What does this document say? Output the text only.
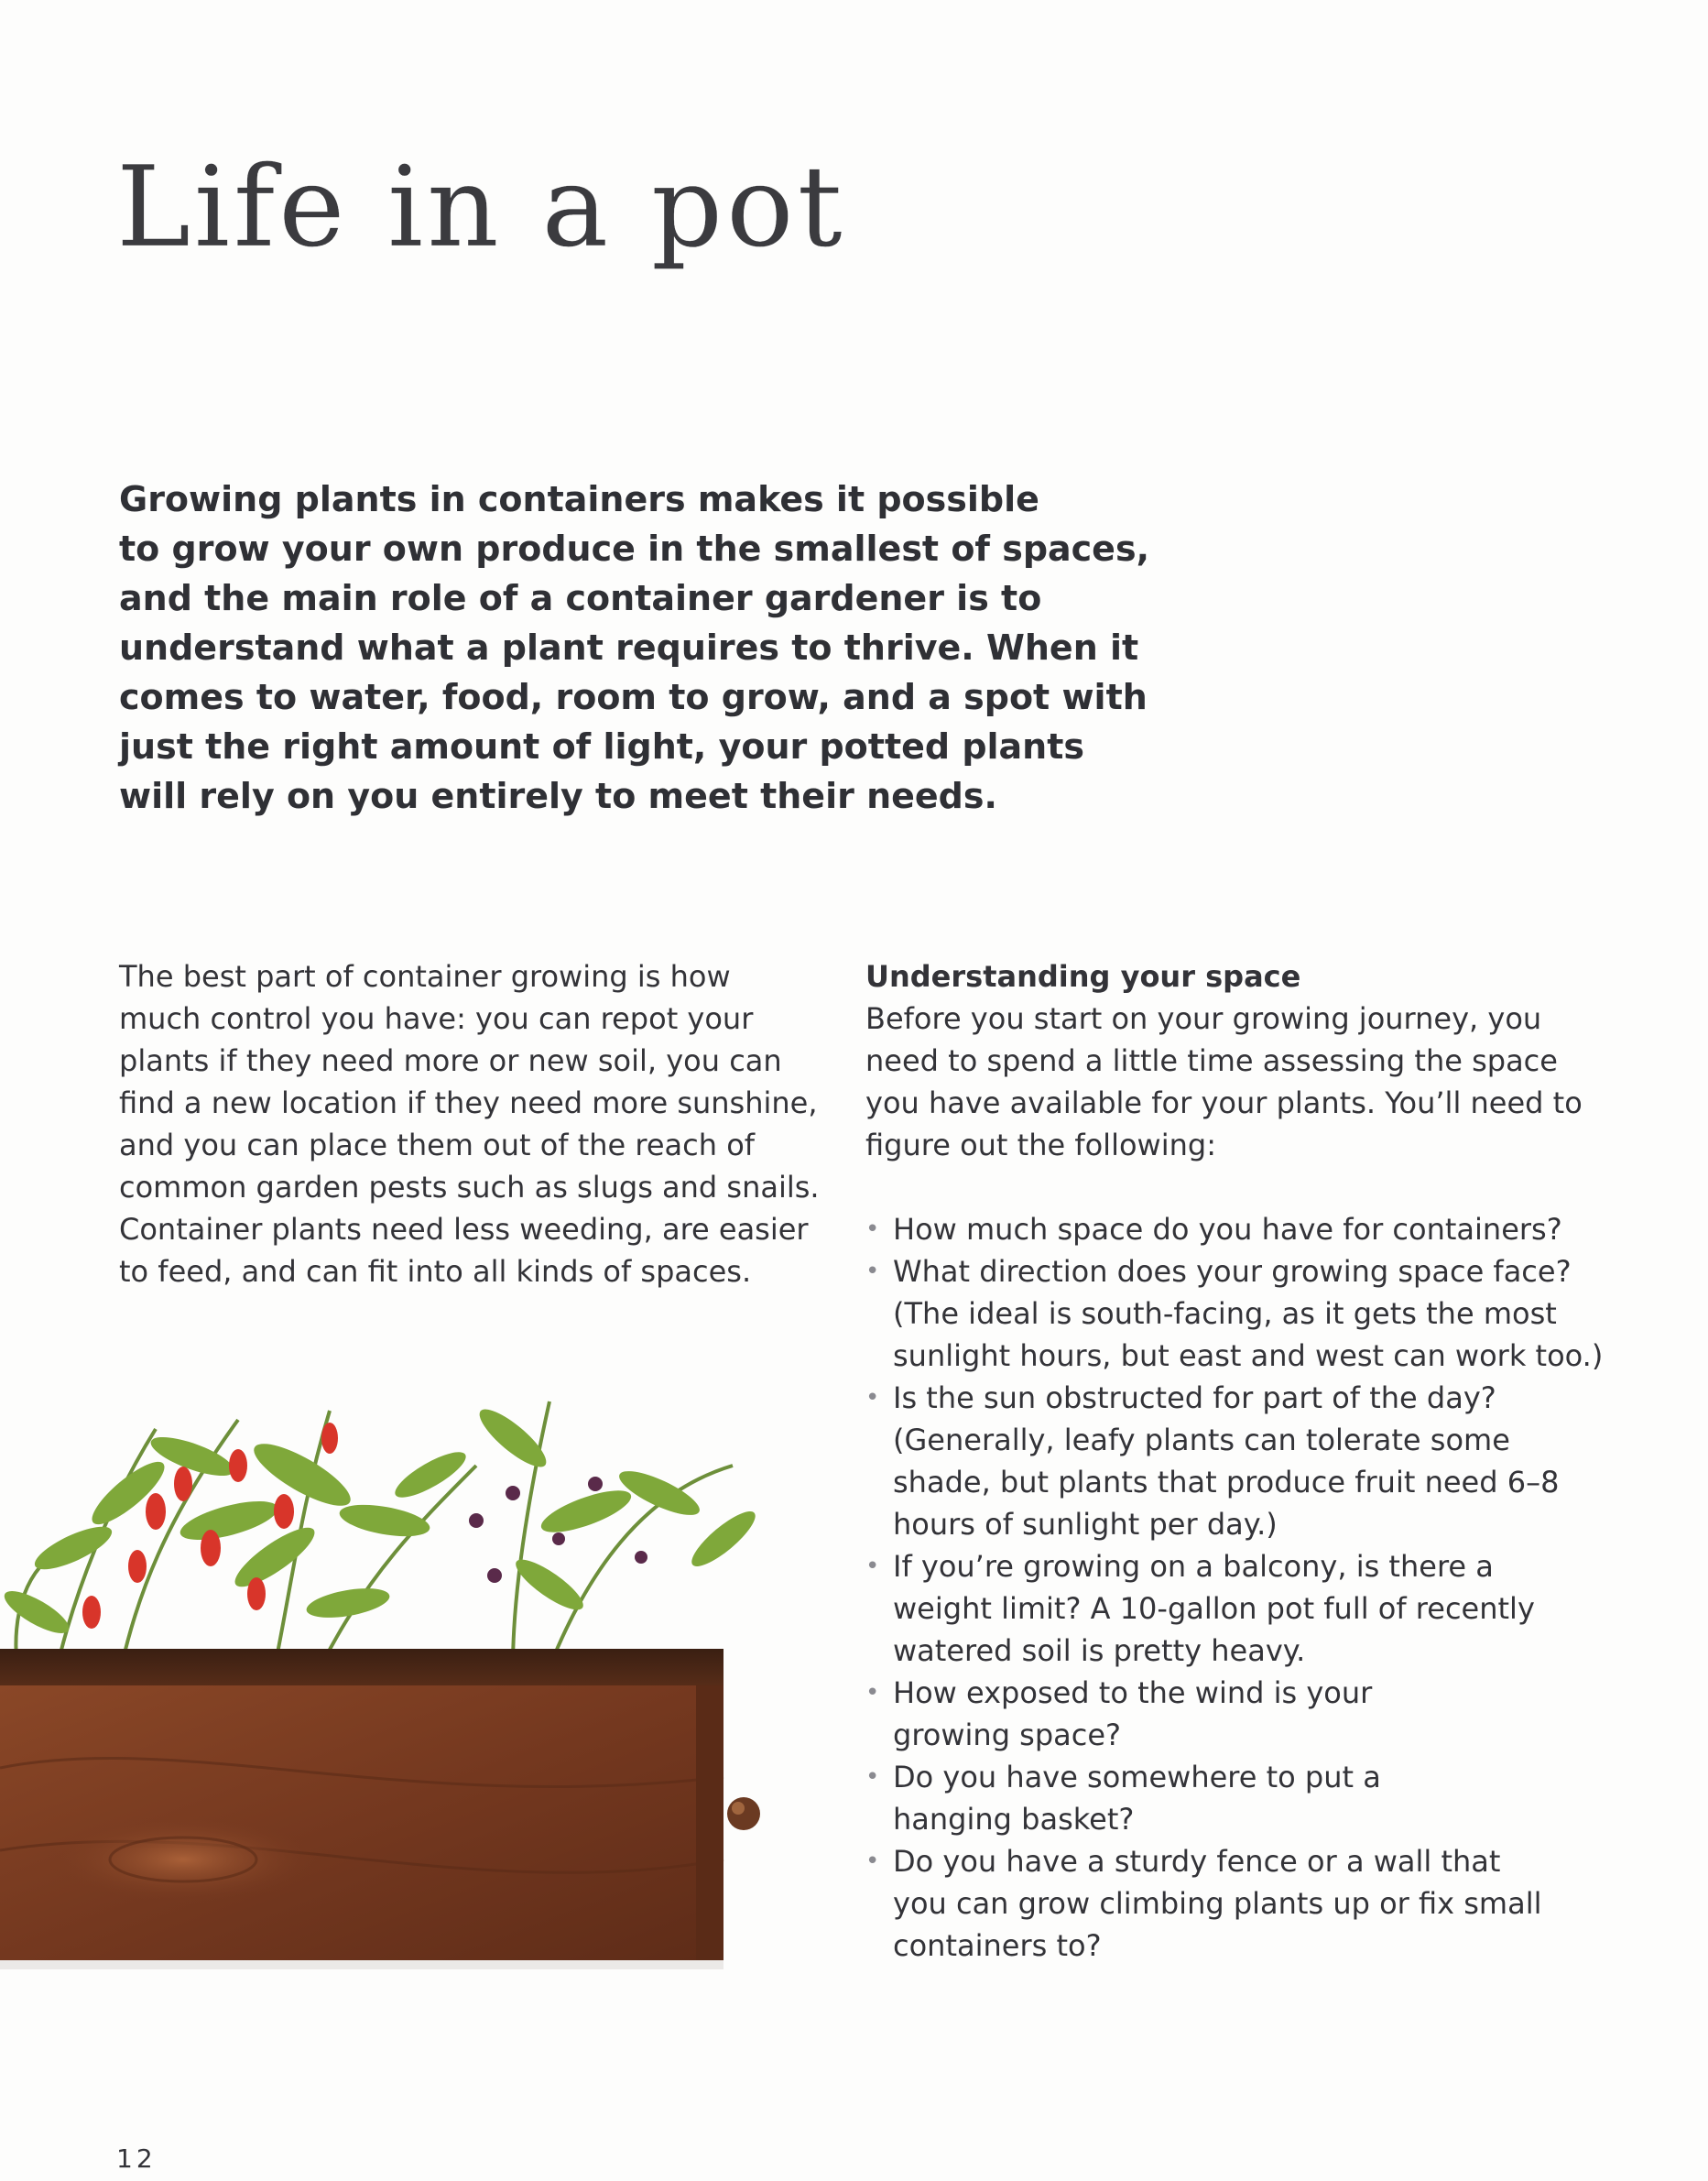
Life in a pot

Growing plants in containers makes it possible
to grow your own produce in the smallest of spaces,
and the main role of a container gardener is to
understand what a plant requires to thrive. When it
comes to water, food, room to grow, and a spot with
just the right amount of light, your potted plants
will rely on you entirely to meet their needs.

The best part of container growing is how
much control you have: you can repot your
plants if they need more or new soil, you can
find a new location if they need more sunshine,
and you can place them out of the reach of
common garden pests such as slugs and snails.
Container plants need less weeding, are easier
to feed, and can fit into all kinds of spaces.

Understanding your space
Before you start on your growing journey, you
need to spend a little time assessing the space
you have available for your plants. You’ll need to
figure out the following:
• How much space do you have for containers?
• What direction does your growing space face?
(The ideal is south-facing, as it gets the most
sunlight hours, but east and west can work too.)
• Is the sun obstructed for part of the day?
(Generally, leafy plants can tolerate some
shade, but plants that produce fruit need 6–8
hours of sunlight per day.)
• If you’re growing on a balcony, is there a
weight limit? A 10-gallon pot full of recently
watered soil is pretty heavy.
• How exposed to the wind is your
growing space?
• Do you have somewhere to put a
hanging basket?
• Do you have a sturdy fence or a wall that
you can grow climbing plants up or fix small
containers to?
12
